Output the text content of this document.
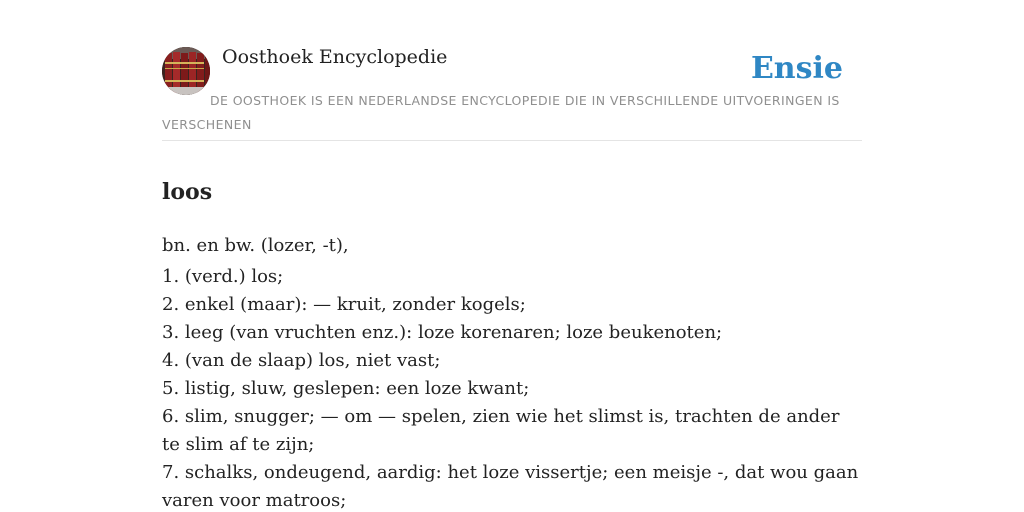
Oosthoek Encyclopedie	Ensie
DE OOSTHOEK IS EEN NEDERLANDSE ENCYCLOPEDIE DIE IN VERSCHILLENDE UITVOERINGEN IS VERSCHENEN
loos

bn. en bw. (lozer, -t),

1. (verd.) los;
2. enkel (maar): — kruit, zonder kogels;
3. leeg (van vruchten enz.): loze korenaren; loze beukenoten;
4. (van de slaap) los, niet vast;
5. listig, sluw, geslepen: een loze kwant;
6. slim, snugger; — om — spelen, zien wie het slimst is, trachten de ander te slim af te zijn;
7. schalks, ondeugend, aardig: het loze vissertje; een meisje -, dat wou gaan varen voor matroos;
